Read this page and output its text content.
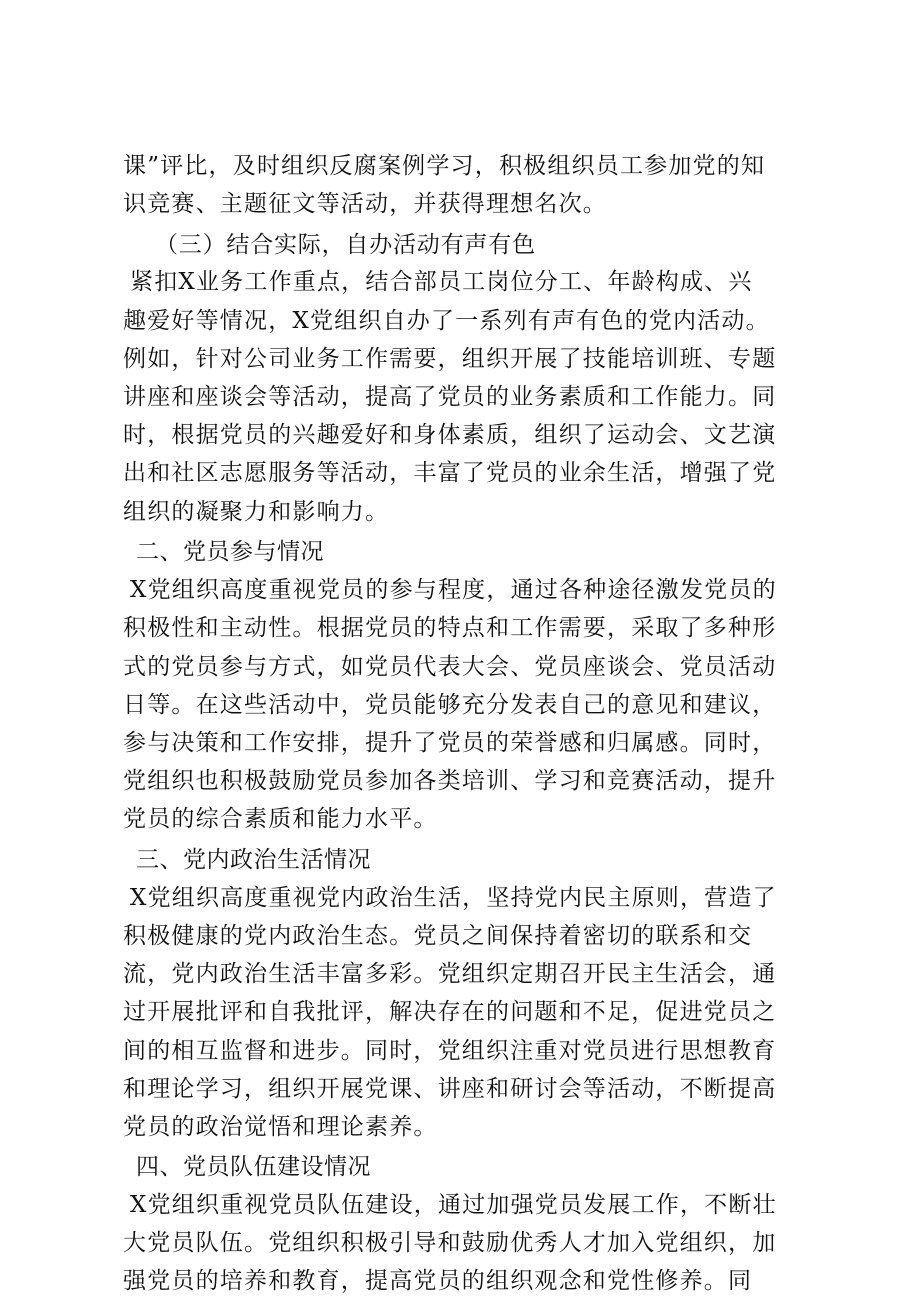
课”评比，及时组织反腐案例学习，积极组织员工参加党的知
识竞赛、主题征文等活动，并获得理想名次。
（三）结合实际，自办活动有声有色
紧扣X业务工作重点，结合部员工岗位分工、年龄构成、兴
趣爱好等情况，X党组织自办了一系列有声有色的党内活动。
例如，针对公司业务工作需要，组织开展了技能培训班、专题
讲座和座谈会等活动，提高了党员的业务素质和工作能力。同
时，根据党员的兴趣爱好和身体素质，组织了运动会、文艺演
出和社区志愿服务等活动，丰富了党员的业余生活，增强了党
组织的凝聚力和影响力。
二、党员参与情况
X党组织高度重视党员的参与程度，通过各种途径激发党员的
积极性和主动性。根据党员的特点和工作需要，采取了多种形
式的党员参与方式，如党员代表大会、党员座谈会、党员活动
日等。在这些活动中，党员能够充分发表自己的意见和建议，
参与决策和工作安排，提升了党员的荣誉感和归属感。同时，
党组织也积极鼓励党员参加各类培训、学习和竞赛活动，提升
党员的综合素质和能力水平。
三、党内政治生活情况
X党组织高度重视党内政治生活，坚持党内民主原则，营造了
积极健康的党内政治生态。党员之间保持着密切的联系和交
流，党内政治生活丰富多彩。党组织定期召开民主生活会，通
过开展批评和自我批评，解决存在的问题和不足，促进党员之
间的相互监督和进步。同时，党组织注重对党员进行思想教育
和理论学习，组织开展党课、讲座和研讨会等活动，不断提高
党员的政治觉悟和理论素养。
四、党员队伍建设情况
X党组织重视党员队伍建设，通过加强党员发展工作，不断壮
大党员队伍。党组织积极引导和鼓励优秀人才加入党组织，加
强党员的培养和教育，提高党员的组织观念和党性修养。同
